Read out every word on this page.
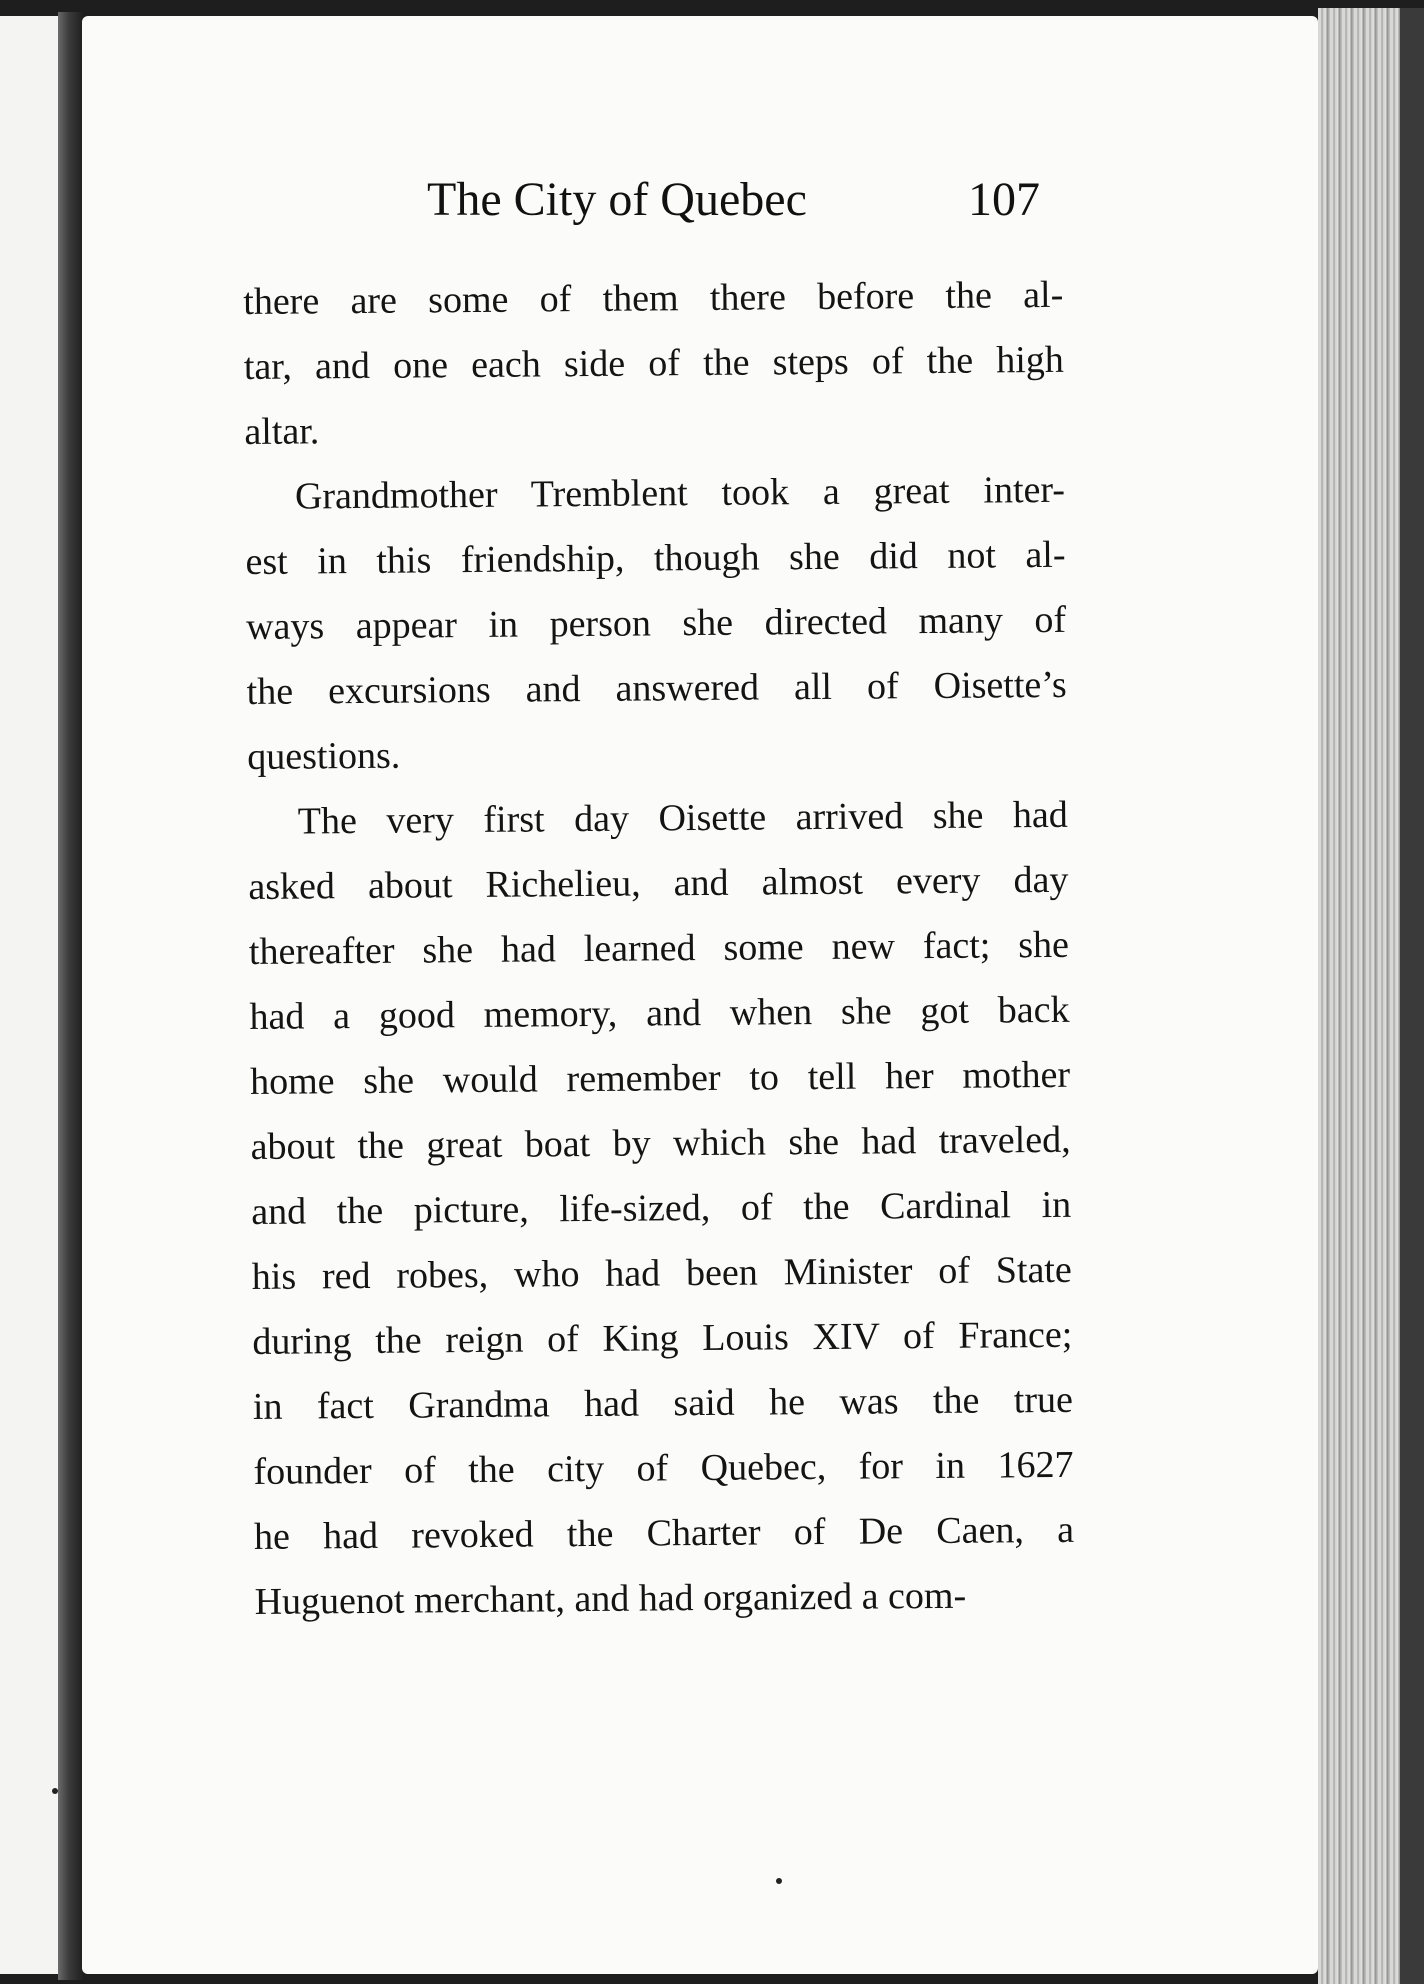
The City of Quebec	107
there are some of them there before the al-
tar, and one each side of the steps of the high
altar.
Grandmother Tremblent took a great inter-
est in this friendship, though she did not al-
ways appear in person she directed many of
the excursions and answered all of Oisette’s
questions.
The very first day Oisette arrived she had
asked about Richelieu, and almost every day
thereafter she had learned some new fact; she
had a good memory, and when she got back
home she would remember to tell her mother
about the great boat by which she had traveled,
and the picture, life-sized, of the Cardinal in
his red robes, who had been Minister of State
during the reign of King Louis XIV of France;
in fact Grandma had said he was the true
founder of the city of Quebec, for in 1627
he had revoked the Charter of De Caen, a
Huguenot merchant, and had organized a com-
